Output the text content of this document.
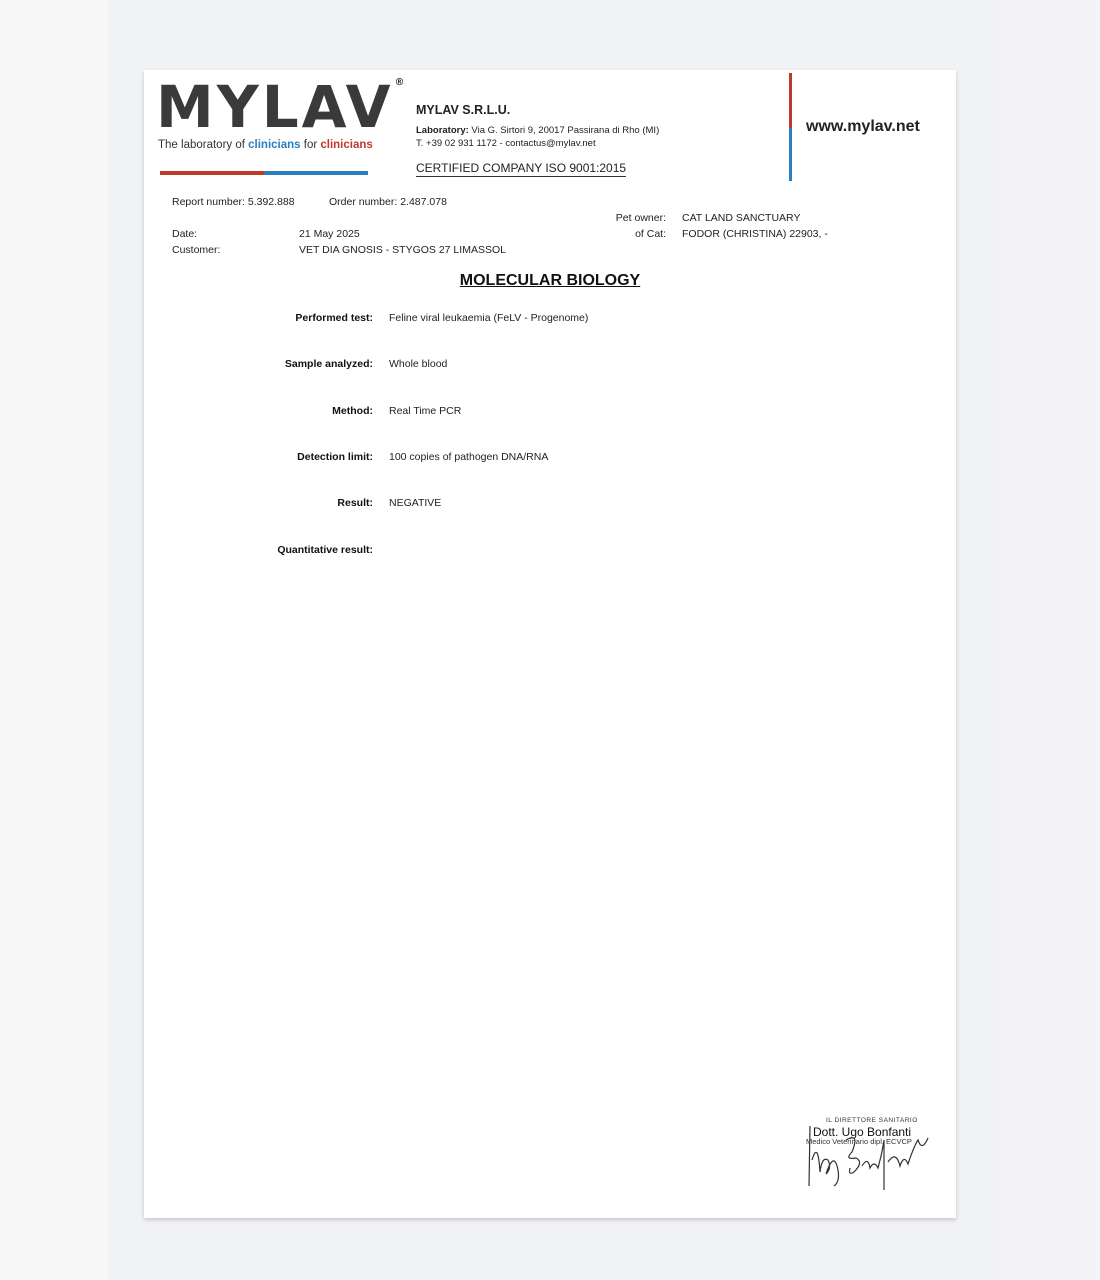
MYLAV®
The laboratory of clinicians for clinicians
MYLAV S.R.L.U.
Laboratory: Via G. Sirtori 9, 20017 Passirana di Rho (MI)
T. +39 02 931 1172 - contactus@mylav.net
CERTIFIED COMPANY ISO 9001:2015
www.mylav.net
Report number: 5.392.888	Order number: 2.487.078
Pet owner: CAT LAND SANCTUARY
of Cat: FODOR (CHRISTINA) 22903, -
Date:	21 May 2025
Customer:	VET DIA GNOSIS - STYGOS 27 LIMASSOL
MOLECULAR BIOLOGY
Performed test: Feline viral leukaemia (FeLV - Progenome)
Sample analyzed: Whole blood
Method: Real Time PCR
Detection limit: 100 copies of pathogen DNA/RNA
Result: NEGATIVE
Quantitative result:
IL DIRETTORE SANITARIO
Dott. Ugo Bonfanti
Medico Veterinario dipl. ECVCP
